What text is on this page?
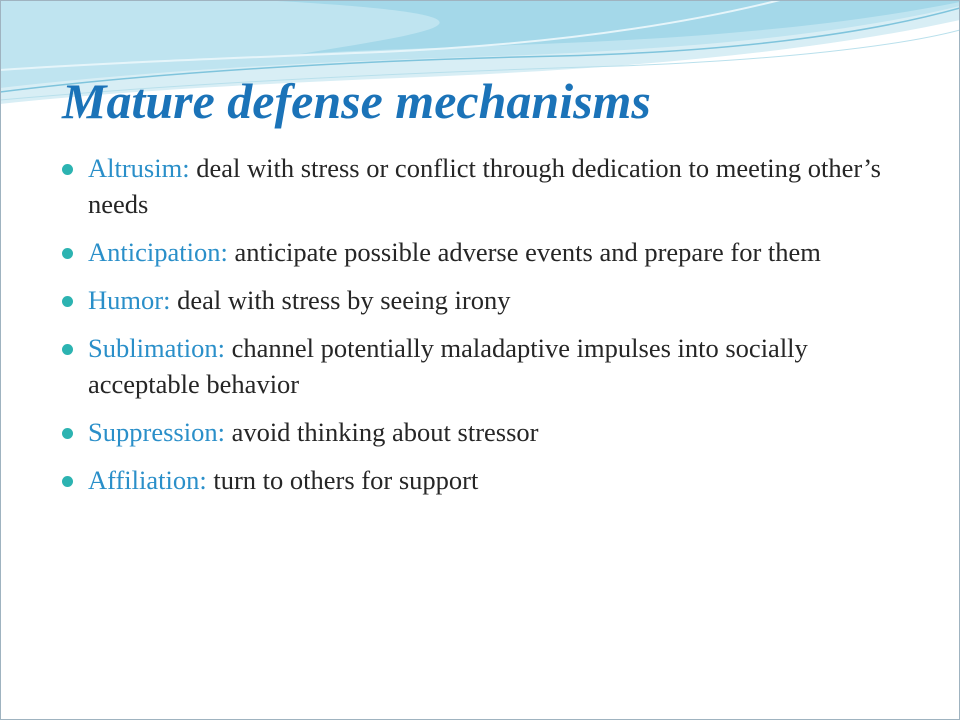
Mature defense mechanisms
Altrusim: deal with stress or conflict through dedication to meeting other’s needs
Anticipation: anticipate possible adverse events and prepare for them
Humor: deal with stress by seeing irony
Sublimation: channel potentially maladaptive impulses into socially acceptable behavior
Suppression: avoid thinking about stressor
Affiliation: turn to others for support
